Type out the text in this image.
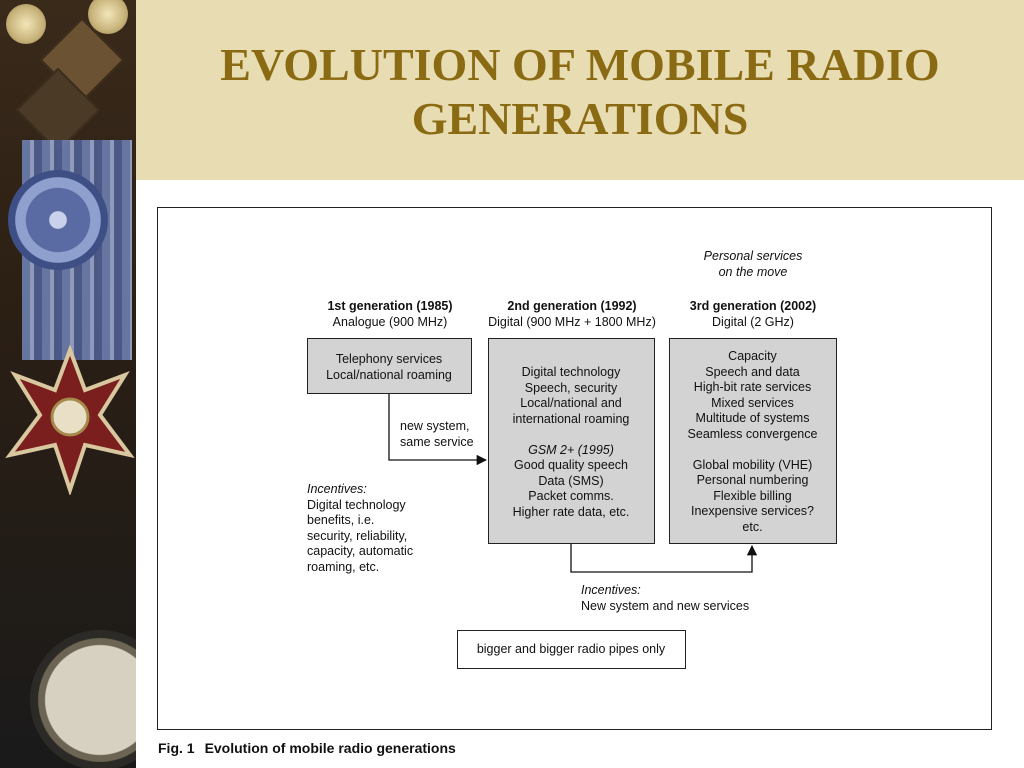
EVOLUTION OF MOBILE RADIO
GENERATIONS
Personal services
on the move
1st generation (1985)
Analogue (900 MHz)
2nd generation (1992)
Digital (900 MHz + 1800 MHz)
3rd generation (2002)
Digital (2 GHz)
Telephony services
Local/national roaming	Digital technology
Speech, security
Local/national and
international roaming
GSM 2+ (1995)
Good quality speech
Data (SMS)
Packet comms.
Higher rate data, etc.
Capacity
Speech and data
High-bit rate services
Mixed services
Multitude of systems
Seamless convergence
Global mobility (VHE)
Personal numbering
Flexible billing
Inexpensive services?
etc.
new system,
same service
Incentives:
Digital technology
benefits, i.e.
security, reliability,
capacity, automatic
roaming, etc.
Incentives:
New system and new services
bigger and bigger radio pipes only
Fig. 1 Evolution of mobile radio generations
